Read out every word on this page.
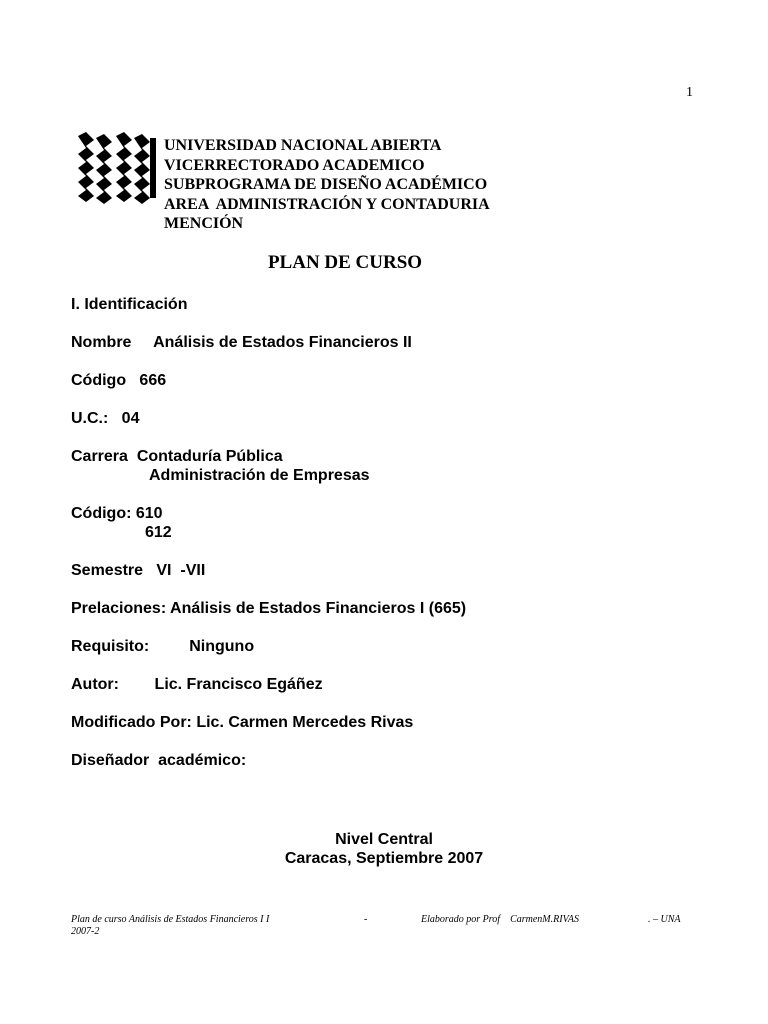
1

UNIVERSIDAD NACIONAL ABIERTA

VICERRECTORADO ACADEMICO

SUBPROGRAMA DE DISEÑO ACADÉMICO

AREA  ADMINISTRACIÓN Y CONTADURIA

MENCIÓN

PLAN DE CURSO

I. Identificación

Nombre     Análisis de Estados Financieros II

Código   666

U.C.:   04

Carrera  Contaduría Pública

Administración de Empresas

Código: 610

612

Semestre   VI  -VII

Prelaciones: Análisis de Estados Financieros I (665)

Requisito:         Ninguno

Autor:        Lic. Francisco Egáñez

Modificado Por: Lic. Carmen Mercedes Rivas

Diseñador  académico:

Nivel Central
Caracas, Septiembre 2007
Plan de curso Análisis de Estados Financieros I I	-	Elaborado por Prof    CarmenM.RIVAS	. – UNA
2007-2
